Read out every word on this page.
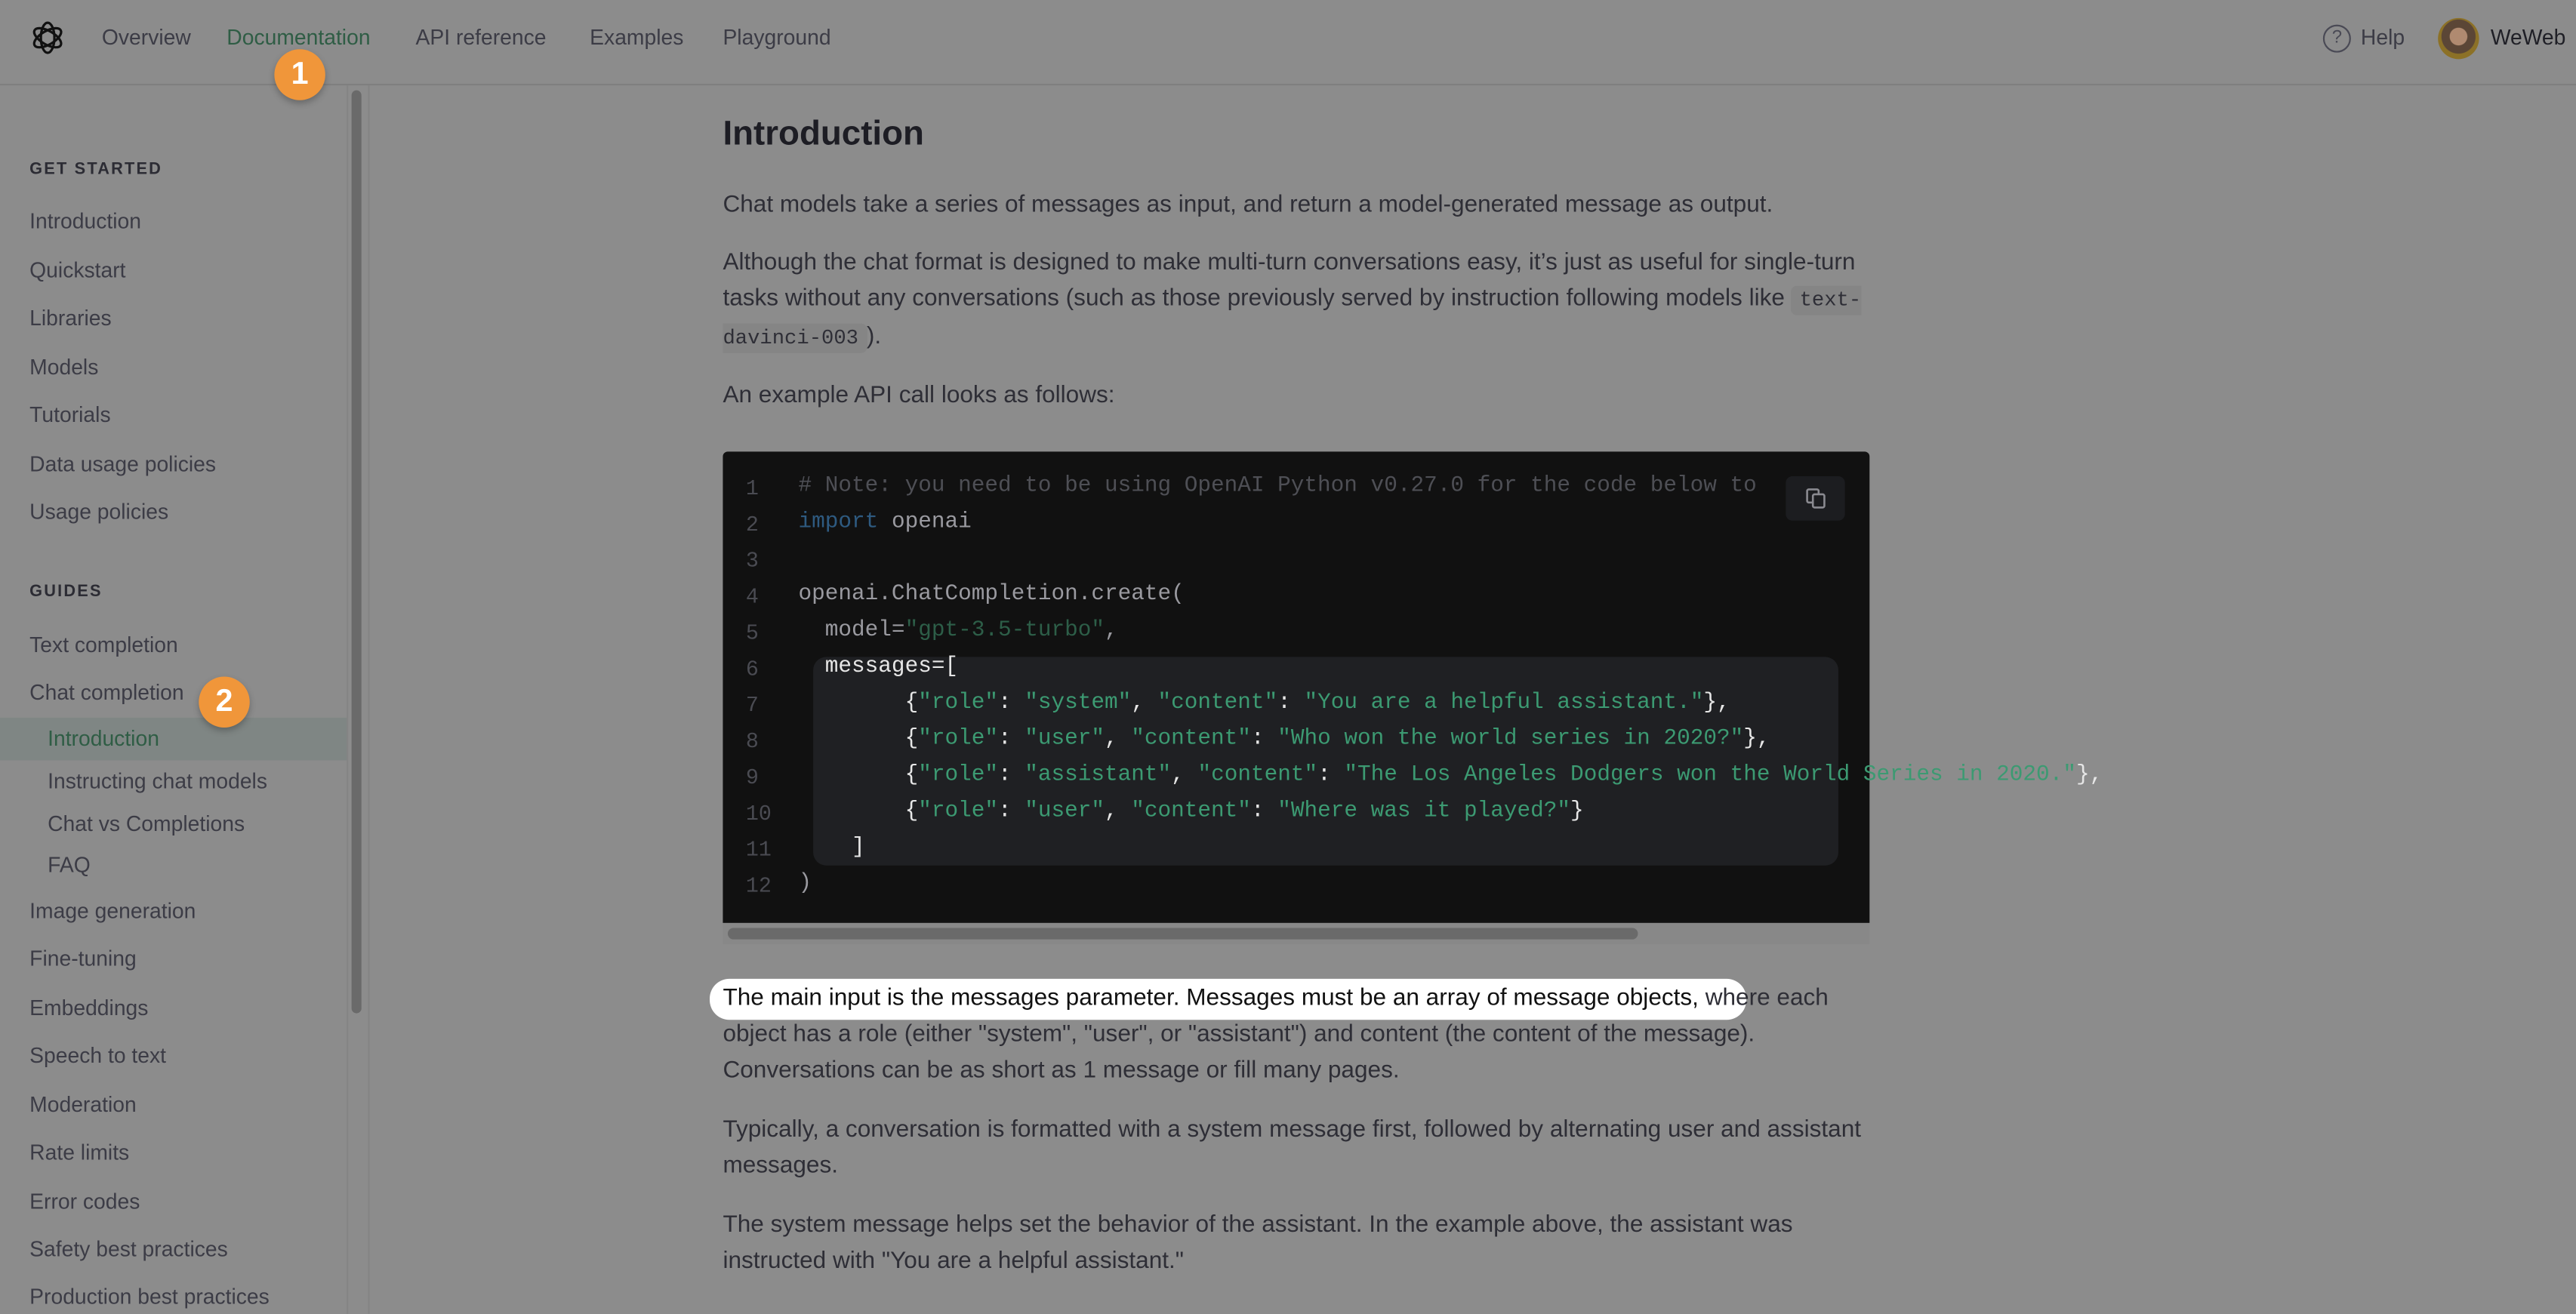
Overview	Documentation	API reference	Examples	Playground	?	Help	WeWeb
GET STARTED
Introduction
Quickstart
Libraries
Models
Tutorials
Data usage policies
Usage policies
GUIDES
Text completion
Chat completion
Introduction
Instructing chat models
Chat vs Completions
FAQ
Image generation
Fine-tuning
Embeddings
Speech to text
Moderation
Rate limits
Error codes
Safety best practices
Production best practices
Introduction
Chat models take a series of messages as input, and return a model-generated message as output.
Although the chat format is designed to make multi-turn conversations easy, it’s just as useful for single-turn tasks without any conversations (such as those previously served by instruction following models like text-davinci-003 ).
An example API call looks as follows:
1
2
3
4
5
6
7
8
9
10
11
12
# Note: you need to be using OpenAI Python v0.27.0 for the code below to
import openai
openai.ChatCompletion.create(
model="gpt-3.5-turbo",
messages=[
{"role": "system", "content": "You are a helpful assistant."},
{"role": "user", "content": "Who won the world series in 2020?"},
{"role": "assistant", "content": "The Los Angeles Dodgers won the World Series in 2020."},
{"role": "user", "content": "Where was it played?"}
]
)
The main input is the messages parameter. Messages must be an array of message objects, where each object has a role (either "system", "user", or "assistant") and content (the content of the message). Conversations can be as short as 1 message or fill many pages.
Typically, a conversation is formatted with a system message first, followed by alternating user and assistant messages.
The system message helps set the behavior of the assistant. In the example above, the assistant was instructed with "You are a helpful assistant."
1
2
